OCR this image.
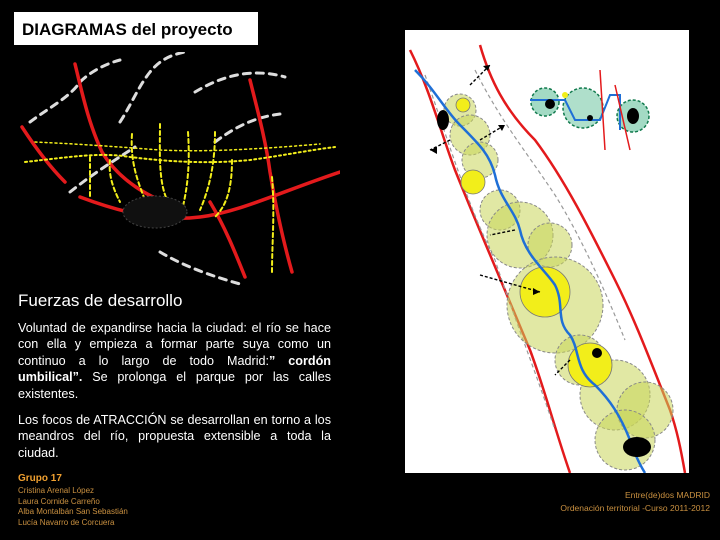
DIAGRAMAS del proyecto
Fuerzas de desarrollo
Voluntad de expandirse hacia la ciudad: el río se hace con ella y empieza a formar parte suya como un continuo a lo largo de todo Madrid:” cordón umbilical”. Se prolonga el parque por las calles existentes.
Los focos de ATRACCIÓN se desarrollan en torno a los meandros del río, propuesta extensible a toda la ciudad.
Grupo 17
Cristina Arenal López
Laura Cornide Carreño
Alba Montalbán San Sebastián
Lucía Navarro de Corcuera
Entre(de)dos MADRID
Ordenación territorial -Curso 2011-2012
